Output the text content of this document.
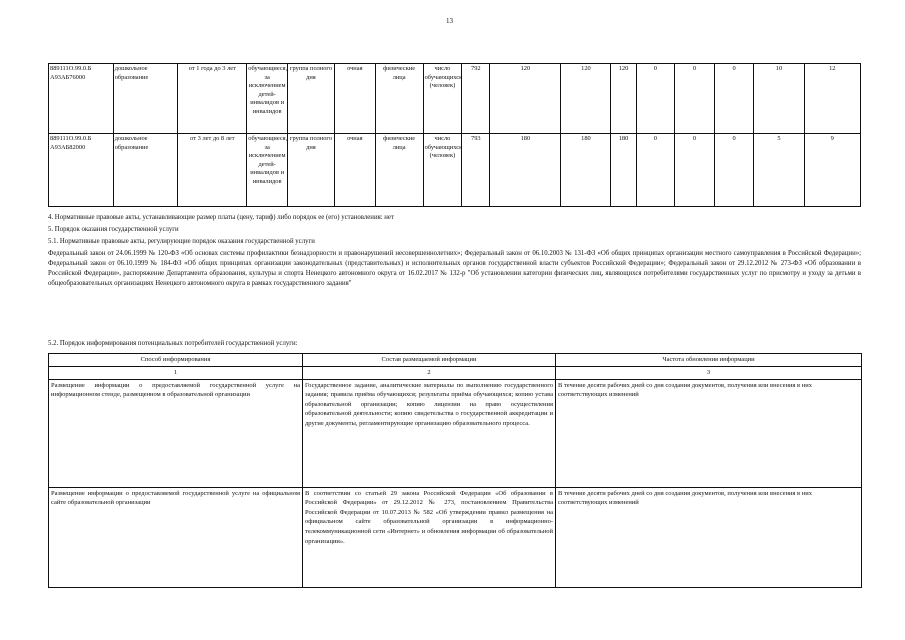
13
889111О.99.0.Б А93АБ76000	дошкольное образование	от 1 года до 3 лет	обучающиеся, за исключением детей-инвалидов и инвалидов	группа полного дня	очная	физические лица	число обучающихся (человек)	792	120	120	120	0	0	0	10	12
889111О.99.0.Б А93АБ82000	дошкольное образование	от 3 лет до 8 лет	обучающиеся, за исключением детей-инвалидов и инвалидов	группа полного дня	очная	физические лица	число обучающихся (человек)	793	180	180	180	0	0	0	5	9
4. Нормативные правовые акты, устанавливающие размер платы (цену, тариф) либо порядок ее (его) установления: нет
5. Порядок оказания государственной услуги
5.1. Нормативные правовые акты, регулирующие порядок оказания государственной услуги
Федеральный закон от 24.06.1999 № 120-ФЗ «Об основах системы профилактики безнадзорности и правонарушений несовершеннолетних»; Федеральный закон от 06.10.2003 № 131-ФЗ «Об общих принципах организации местного самоуправления в Российской Федерации»; Федеральный закон от 06.10.1999 № 184-ФЗ «Об общих принципах организации законодательных (представительных) и исполнительных органов государственной власти субъектов Российской Федерации»; Федеральный закон от 29.12.2012 № 273-ФЗ «Об образовании в Российской Федерации», распоряжение Департамента образования, культуры и спорта Ненецкого автономного округа от 16.02.2017 № 132-р "Об установлении категории физических лиц, являющихся потребителями государственных услуг по присмотру и уходу за детьми в общеобразовательных организациях Ненецкого автономного округа в рамках государственного задания"
5.2. Порядок информирования потенциальных потребителей государственной услуги:
Способ информирования	Состав размещаемой информации	Частота обновления информации
1	2	3
Размещение информации о предоставляемой государственной услуге на информационном стенде, размещенном в образовательной организации	Государственное задание, аналитические материалы по выполнению государственного задания; правила приёма обучающихся; результаты приёма обучающихся; копию устава образовательной организации; копию лицензии на право осуществления образовательной деятельности; копию свидетельства о государственной аккредитации и другие документы, регламентирующие организацию образовательного процесса.	В течение десяти рабочих дней со дня создания документов, получения или внесения в них соответствующих изменений
Размещение информации о предоставляемой государственной услуге на официальном сайте образовательной организации	В соответствии со статьей 29 закона Российской Федерации «Об образовании в Российской Федерации» от 29.12.2012 № 273, постановлением Правительства Российской Федерации от 10.07.2013 № 582 «Об утверждении правил размещения на официальном сайте образовательной организации в информационно-телекоммуникационной сети «Интернет» и обновления информации об образовательной организации».	В течение десяти рабочих дней со дня создания документов, получения или внесения в них соответствующих изменений
